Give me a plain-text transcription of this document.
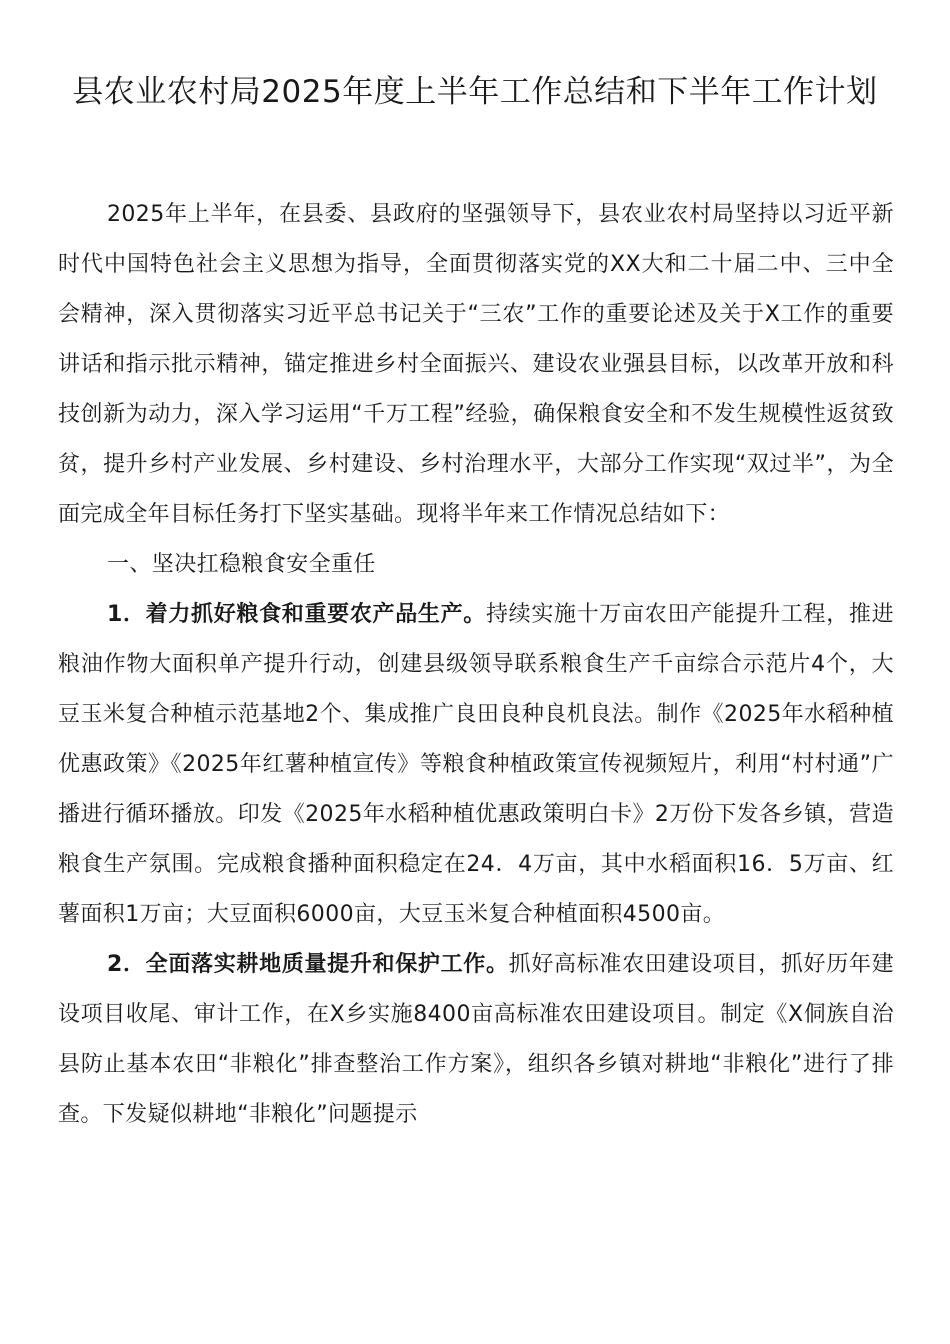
县农业农村局2025年度上半年工作总结和下半年工作计划

2025年上半年，在县委、县政府的坚强领导下，县农业农村局坚持以习近平新时代中国特色社会主义思想为指导，全面贯彻落实党的XX大和二十届二中、三中全会精神，深入贯彻落实习近平总书记关于“三农”工作的重要论述及关于X工作的重要讲话和指示批示精神，锚定推进乡村全面振兴、建设农业强县目标，以改革开放和科技创新为动力，深入学习运用“千万工程”经验，确保粮食安全和不发生规模性返贫致贫，提升乡村产业发展、乡村建设、乡村治理水平，大部分工作实现“双过半”，为全面完成全年目标任务打下坚实基础。现将半年来工作情况总结如下：

一、坚决扛稳粮食安全重任

1．着力抓好粮食和重要农产品生产。持续实施十万亩农田产能提升工程，推进粮油作物大面积单产提升行动，创建县级领导联系粮食生产千亩综合示范片4个，大豆玉米复合种植示范基地2个、集成推广良田良种良机良法。制作《2025年水稻种植优惠政策》《2025年红薯种植宣传》等粮食种植政策宣传视频短片，利用“村村通”广播进行循环播放。印发《2025年水稻种植优惠政策明白卡》2万份下发各乡镇，营造粮食生产氛围。完成粮食播种面积稳定在24．4万亩，其中水稻面积16．5万亩、红薯面积1万亩；大豆面积6000亩，大豆玉米复合种植面积4500亩。

2．全面落实耕地质量提升和保护工作。抓好高标准农田建设项目，抓好历年建设项目收尾、审计工作，在X乡实施8400亩高标准农田建设项目。制定《X侗族自治县防止基本农田“非粮化”排查整治工作方案》，组织各乡镇对耕地“非粮化”进行了排查。下发疑似耕地“非粮化”问题提示
